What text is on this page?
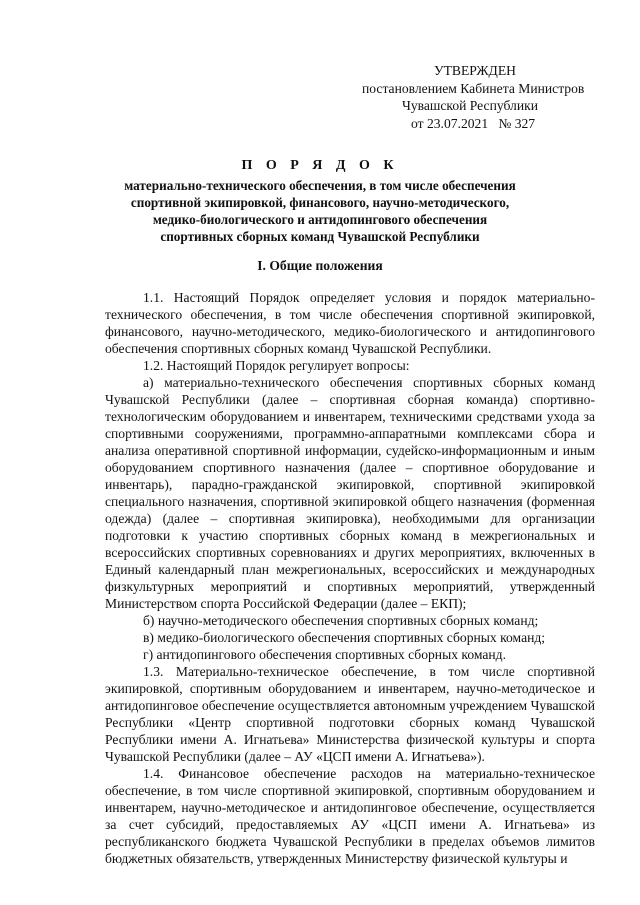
УТВЕРЖДЕН
постановлением Кабинета Министров
Чувашской Республики
от 23.07.2021   № 327
П О Р Я Д О К
материально-технического обеспечения, в том числе обеспечения спортивной экипировкой, финансового, научно-методического, медико-биологического и антидопингового обеспечения спортивных сборных команд Чувашской Республики
I. Общие положения

1.1. Настоящий Порядок определяет условия и порядок материально-технического обеспечения, в том числе обеспечения спортивной экипировкой, финансового, научно-методического, медико-биологического и антидопингового обеспечения спортивных сборных команд Чувашской Республики.

1.2. Настоящий Порядок регулирует вопросы:

а) материально-технического обеспечения спортивных сборных команд Чувашской Республики (далее – спортивная сборная команда) спортивно-технологическим оборудованием и инвентарем, техническими средствами ухода за спортивными сооружениями, программно-аппаратными комплексами сбора и анализа оперативной спортивной информации, судейско-информационным и иным оборудованием спортивного назначения (далее – спортивное оборудование и инвентарь), парадно-гражданской экипировкой, спортивной экипировкой специального назначения, спортивной экипировкой общего назначения (форменная одежда) (далее – спортивная экипировка), необходимыми для организации подготовки к участию спортивных сборных команд в межрегиональных и всероссийских спортивных соревнованиях и других мероприятиях, включенных в Единый календарный план межрегиональных, всероссийских и международных физкультурных мероприятий и спортивных мероприятий, утвержденный Министерством спорта Российской Федерации (далее – ЕКП);

б) научно-методического обеспечения спортивных сборных команд;

в) медико-биологического обеспечения спортивных сборных команд;

г) антидопингового обеспечения спортивных сборных команд.

1.3. Материально-техническое обеспечение, в том числе спортивной экипировкой, спортивным оборудованием и инвентарем, научно-методическое и антидопинговое обеспечение осуществляется автономным учреждением Чувашской Республики «Центр спортивной подготовки сборных команд Чувашской Республики имени А. Игнатьева» Министерства физической культуры и спорта Чувашской Республики (далее – АУ «ЦСП имени А. Игнатьева»).

1.4. Финансовое обеспечение расходов на материально-техническое обеспечение, в том числе спортивной экипировкой, спортивным оборудованием и инвентарем, научно-методическое и антидопинговое обеспечение, осуществляется за счет субсидий, предоставляемых АУ «ЦСП имени А. Игнатьева» из республиканского бюджета Чувашской Республики в пределах объемов лимитов бюджетных обязательств, утвержденных Министерству физической культуры и
